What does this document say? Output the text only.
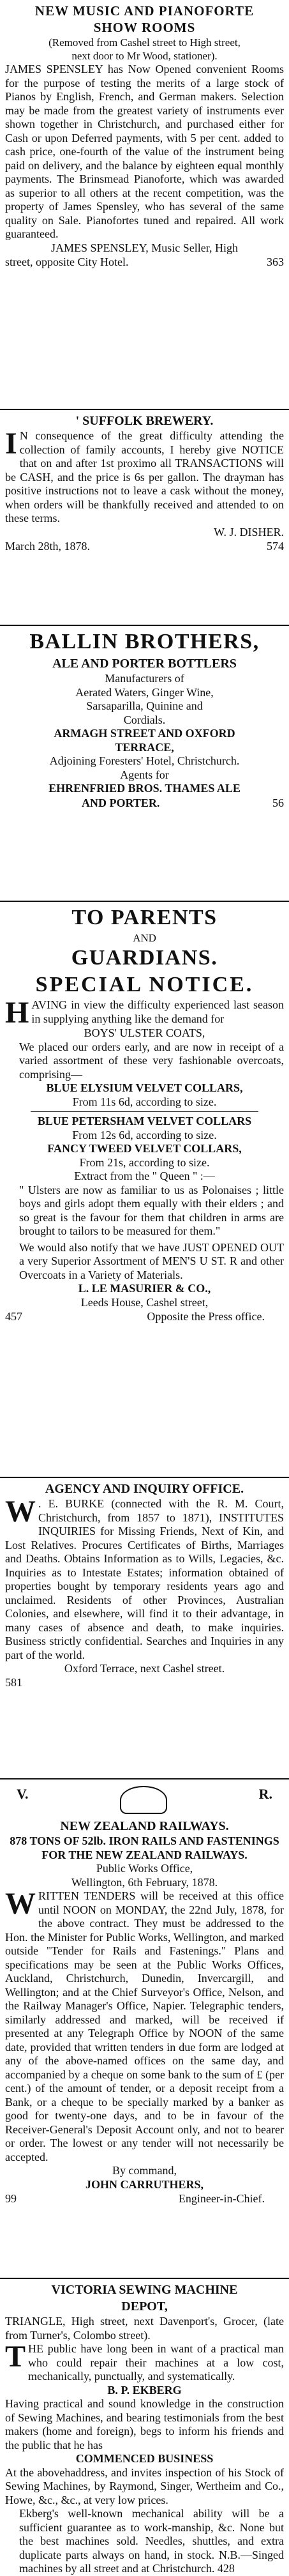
NEW MUSIC AND PIANOFORTE
SHOW ROOMS
(Removed from Cashel street to High street,
next door to Mr Wood, stationer).
JAMES SPENSLEY has Now Opened convenient Rooms for the purpose of testing the merits of a large stock of Pianos by English, French, and German makers. Selection may be made from the greatest variety of instruments ever shown together in Christchurch, and purchased either for Cash or upon Deferred payments, with 5 per cent. added to cash price, one-fourth of the value of the instrument being paid on delivery, and the balance by eighteen equal monthly payments. The Brinsmead Pianoforte, which was awarded as superior to all others at the recent competition, was the property of James Spensley, who has several of the same quality on Sale. Pianofortes tuned and repaired. All work guaranteed.
JAMES SPENSLEY, Music Seller, High
street, opposite City Hotel.	363
' SUFFOLK BREWERY.
I N consequence of the great difficulty attending the collection of family accounts, I hereby give NOTICE that on and after 1st proximo all TRANSACTIONS will be CASH, and the price is 6s per gallon. The drayman has positive instructions not to leave a cask without the money, when orders will be thankfully received and attended to on these terms.
W. J. DISHER.
March 28th, 1878.	574
BALLIN BROTHERS,
ALE AND PORTER BOTTLERS
Manufacturers of
Aerated Waters, Ginger Wine,
Sarsaparilla, Quinine and
Cordials.
ARMAGH STREET AND OXFORD
TERRACE,
Adjoining Foresters' Hotel, Christchurch.
Agents for
EHRENFRIED BROS. THAMES ALE
AND PORTER.	56
TO PARENTS
AND
GUARDIANS.
SPECIAL NOTICE.
H AVING in view the difficulty experienced last season in supplying anything like the demand for
BOYS' ULSTER COATS,
We placed our orders early, and are now in receipt of a varied assortment of these very fashionable overcoats, comprising—
BLUE ELYSIUM VELVET COLLARS,
From 11s 6d, according to size.
BLUE PETERSHAM VELVET COLLARS
From 12s 6d, according to size.
FANCY TWEED VELVET COLLARS,
From 21s, according to size.
Extract from the " Queen " :—
" Ulsters are now as familiar to us as Polonaises ; little boys and girls adopt them equally with their elders ; and so great is the favour for them that children in arms are brought to tailors to be measured for them."
We would also notify that we have JUST OPENED OUT a very Superior Assortment of MEN'S U ST. R and other Overcoats in a Variety of Materials.
L. LE MASURIER & CO.,
Leeds House, Cashel street,
457	Opposite the Press office.
AGENCY AND INQUIRY OFFICE.
W . E. BURKE (connected with the R. M. Court, Christchurch, from 1857 to 1871), INSTITUTES INQUIRIES for Missing Friends, Next of Kin, and Lost Relatives. Procures Certificates of Births, Marriages and Deaths. Obtains Information as to Wills, Legacies, &c. Inquiries as to Intestate Estates; information obtained of properties bought by temporary residents years ago and unclaimed. Residents of other Provinces, Australian Colonies, and elsewhere, will find it to their advantage, in many cases of absence and death, to make inquiries. Business strictly confidential. Searches and Inquiries in any part of the world.
Oxford Terrace, next Cashel street.
581
V.	R.
NEW ZEALAND RAILWAYS.
878 TONS OF 52lb. IRON RAILS AND FASTENINGS FOR THE NEW ZEALAND RAILWAYS.
Public Works Office,
Wellington, 6th February, 1878.
W RITTEN TENDERS will be received at this office until NOON on MONDAY, the 22nd July, 1878, for the above contract. They must be addressed to the Hon. the Minister for Public Works, Wellington, and marked outside "Tender for Rails and Fastenings." Plans and specifications may be seen at the Public Works Offices, Auckland, Christchurch, Dunedin, Invercargill, and Wellington; and at the Chief Surveyor's Office, Nelson, and the Railway Manager's Office, Napier. Telegraphic tenders, similarly addressed and marked, will be received if presented at any Telegraph Office by NOON of the same date, provided that written tenders in due form are lodged at any of the above-named offices on the same day, and accompanied by a cheque on some bank to the sum of £ (per cent.) of the amount of tender, or a deposit receipt from a Bank, or a cheque to be specially marked by a banker as good for twenty-one days, and to be in favour of the Receiver-General's Deposit Account only, and not to bearer or order. The lowest or any tender will not necessarily be accepted.
By command,
JOHN CARRUTHERS,
99	Engineer-in-Chief.
VICTORIA SEWING MACHINE
DEPOT,
TRIANGLE, High street, next Davenport's, Grocer, (late from Turner's, Colombo street).
T HE public have long been in want of a practical man who could repair their machines at a low cost, mechanically, punctually, and systematically.
B. P. EKBERG
Having practical and sound knowledge in the construction of Sewing Machines, and bearing testimonials from the best makers (home and foreign), begs to inform his friends and the public that he has
COMMENCED BUSINESS
At the abovehaddress, and invites inspection of his Stock of Sewing Machines, by Raymond, Singer, Wertheim and Co., Howe, &c., &c., at very low prices.
Ekberg's well-known mechanical ability will be a sufficient guarantee as to work-manship, &c. None but the best machines sold. Needles, shuttles, and extra duplicate parts always on hand, in stock. N.B.—Singed machines by all street and at Christchurch. 428
